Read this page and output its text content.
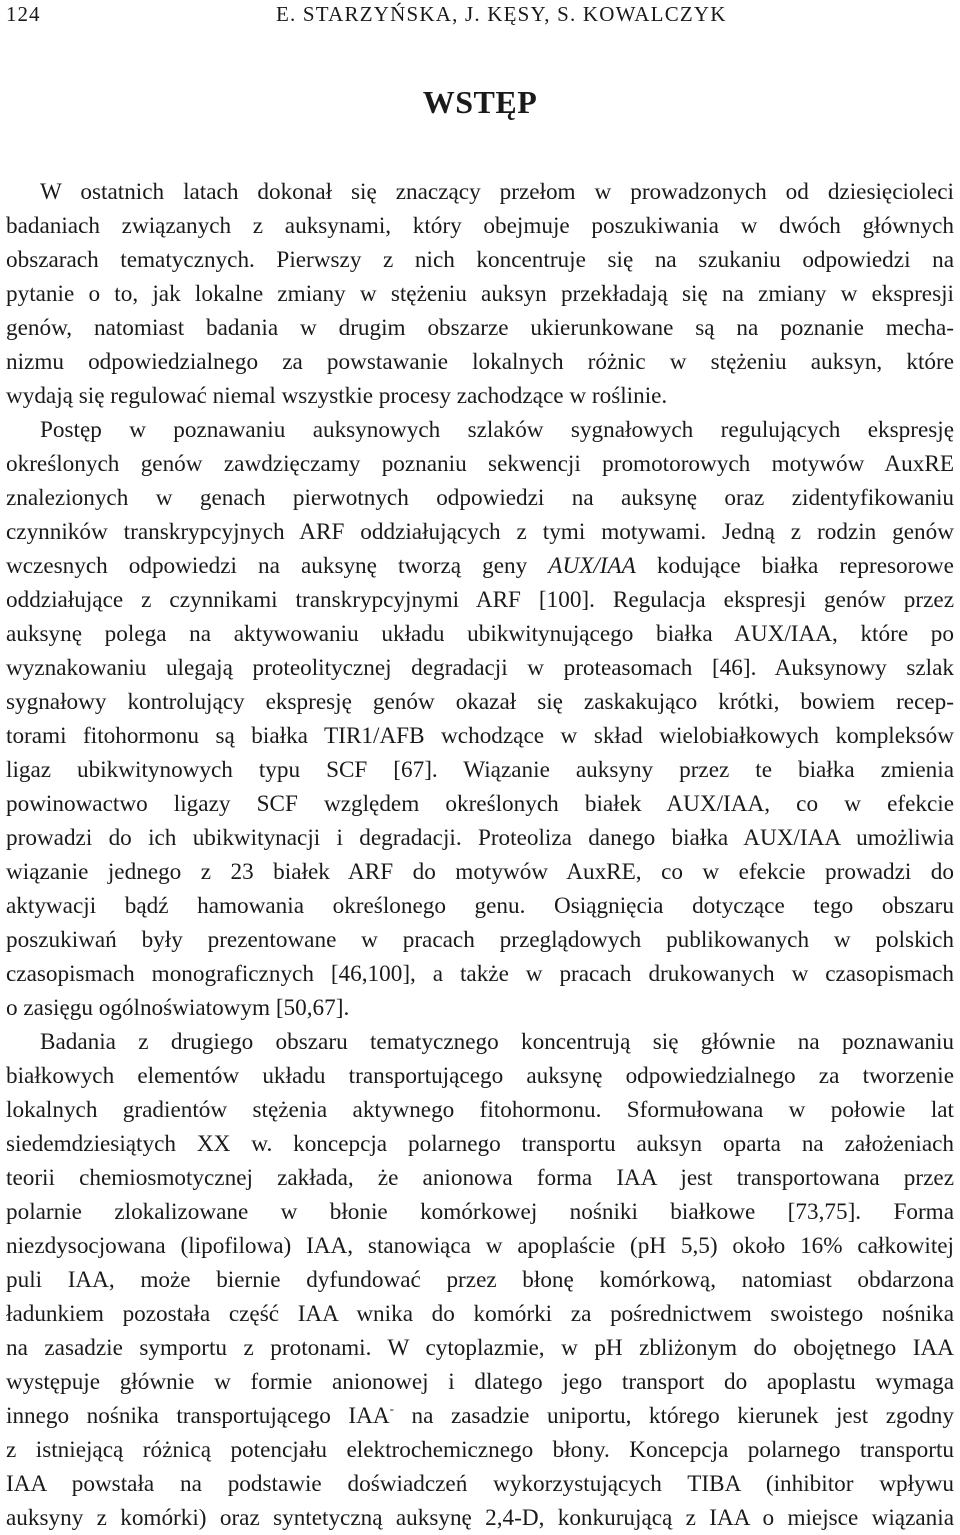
124	E. STARZYŃSKA, J. KĘSY, S. KOWALCZYK
WSTĘP
W ostatnich latach dokonał się znaczący przełom w prowadzonych od dziesięcioleci
badaniach związanych z auksynami, który obejmuje poszukiwania w dwóch głównych
obszarach tematycznych. Pierwszy z nich koncentruje się na szukaniu odpowiedzi na
pytanie o to, jak lokalne zmiany w stężeniu auksyn przekładają się na zmiany w ekspresji
genów, natomiast badania w drugim obszarze ukierunkowane są na poznanie mecha-
nizmu odpowiedzialnego za powstawanie lokalnych różnic w stężeniu auksyn, które
wydają się regulować niemal wszystkie procesy zachodzące w roślinie.
Postęp w poznawaniu auksynowych szlaków sygnałowych regulujących ekspresję
określonych genów zawdzięczamy poznaniu sekwencji promotorowych motywów AuxRE
znalezionych w genach pierwotnych odpowiedzi na auksynę oraz zidentyfikowaniu
czynników transkrypcyjnych ARF oddziałujących z tymi motywami. Jedną z rodzin genów
wczesnych odpowiedzi na auksynę tworzą geny AUX/IAA kodujące białka represorowe
oddziałujące z czynnikami transkrypcyjnymi ARF [100]. Regulacja ekspresji genów przez
auksynę polega na aktywowaniu układu ubikwitynującego białka AUX/IAA, które po
wyznakowaniu ulegają proteolitycznej degradacji w proteasomach [46]. Auksynowy szlak
sygnałowy kontrolujący ekspresję genów okazał się zaskakująco krótki, bowiem recep-
torami fitohormonu są białka TIR1/AFB wchodzące w skład wielobiałkowych kompleksów
ligaz ubikwitynowych typu SCF [67]. Wiązanie auksyny przez te białka zmienia
powinowactwo ligazy SCF względem określonych białek AUX/IAA, co w efekcie
prowadzi do ich ubikwitynacji i degradacji. Proteoliza danego białka AUX/IAA umożliwia
wiązanie jednego z 23 białek ARF do motywów AuxRE, co w efekcie prowadzi do
aktywacji bądź hamowania określonego genu. Osiągnięcia dotyczące tego obszaru
poszukiwań były prezentowane w pracach przeglądowych publikowanych w polskich
czasopismach monograficznych [46,100], a także w pracach drukowanych w czasopismach
o zasięgu ogólnoświatowym [50,67].
Badania z drugiego obszaru tematycznego koncentrują się głównie na poznawaniu
białkowych elementów układu transportującego auksynę odpowiedzialnego za tworzenie
lokalnych gradientów stężenia aktywnego fitohormonu. Sformułowana w połowie lat
siedemdziesiątych XX w. koncepcja polarnego transportu auksyn oparta na założeniach
teorii chemiosmotycznej zakłada, że anionowa forma IAA jest transportowana przez
polarnie zlokalizowane w błonie komórkowej nośniki białkowe [73,75]. Forma
niezdysocjowana (lipofilowa) IAA, stanowiąca w apoplaście (pH 5,5) około 16% całkowitej
puli IAA, może biernie dyfundować przez błonę komórkową, natomiast obdarzona
ładunkiem pozostała część IAA wnika do komórki za pośrednictwem swoistego nośnika
na zasadzie symportu z protonami. W cytoplazmie, w pH zbliżonym do obojętnego IAA
występuje głównie w formie anionowej i dlatego jego transport do apoplastu wymaga
innego nośnika transportującego IAA- na zasadzie uniportu, którego kierunek jest zgodny
z istniejącą różnicą potencjału elektrochemicznego błony. Koncepcja polarnego transportu
IAA powstała na podstawie doświadczeń wykorzystujących TIBA (inhibitor wpływu
auksyny z komórki) oraz syntetyczną auksynę 2,4-D, konkurującą z IAA o miejsce wiązania
